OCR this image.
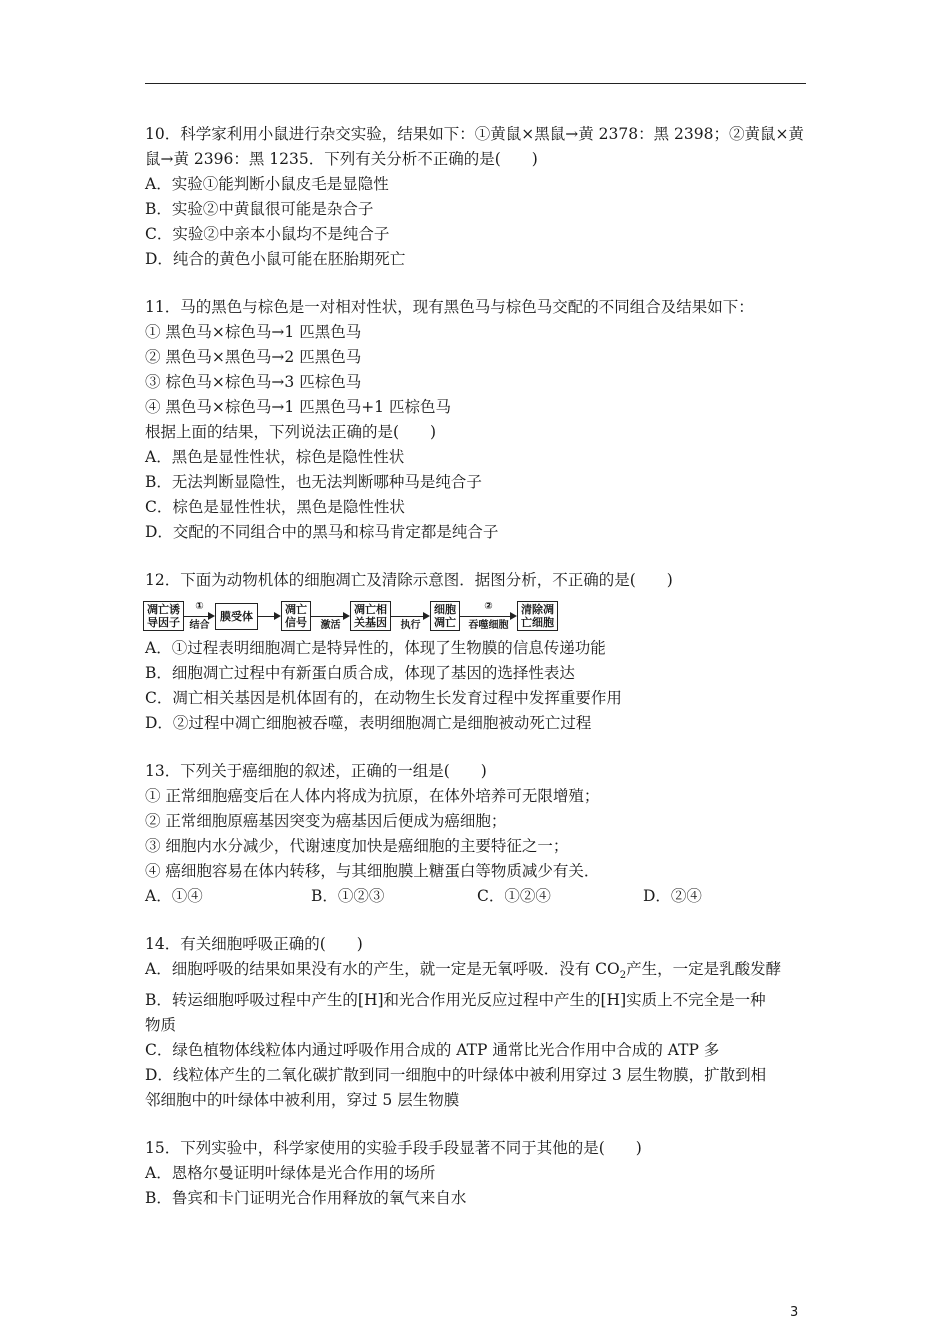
10．科学家利用小鼠进行杂交实验，结果如下：①黄鼠×黑鼠→黄 2378：黑 2398；②黄鼠×黄
鼠→黄 2396：黑 1235．下列有关分析不正确的是(　　)
A．实验①能判断小鼠皮毛是显隐性
B．实验②中黄鼠很可能是杂合子
C．实验②中亲本小鼠均不是纯合子
D．纯合的黄色小鼠可能在胚胎期死亡
11．马的黑色与棕色是一对相对性状，现有黑色马与棕色马交配的不同组合及结果如下：
① 黑色马×棕色马→1 匹黑色马
② 黑色马×黑色马→2 匹黑色马
③ 棕色马×棕色马→3 匹棕色马
④ 黑色马×棕色马→1 匹黑色马+1 匹棕色马
根据上面的结果，下列说法正确的是(　　)
A．黑色是显性性状，棕色是隐性性状
B．无法判断显隐性，也无法判断哪种马是纯合子
C．棕色是显性性状，黑色是隐性性状
D．交配的不同组合中的黑马和棕马肯定都是纯合子
12．下面为动物机体的细胞凋亡及清除示意图．据图分析，不正确的是(　　)
凋亡诱
导因子
①
结合
膜受体	凋亡
信号 激活
凋亡相
关基因 执行
细胞
凋亡
②
吞噬细胞
清除凋
亡细胞
A．①过程表明细胞凋亡是特异性的，体现了生物膜的信息传递功能
B．细胞凋亡过程中有新蛋白质合成，体现了基因的选择性表达
C．凋亡相关基因是机体固有的，在动物生长发育过程中发挥重要作用
D．②过程中凋亡细胞被吞噬，表明细胞凋亡是细胞被动死亡过程
13．下列关于癌细胞的叙述，正确的一组是(　　)
① 正常细胞癌变后在人体内将成为抗原，在体外培养可无限增殖；
② 正常细胞原癌基因突变为癌基因后便成为癌细胞；
③ 细胞内水分减少，代谢速度加快是癌细胞的主要特征之一；
④ 癌细胞容易在体内转移，与其细胞膜上糖蛋白等物质减少有关．
A．①④	B．①②③	C．①②④	D．②④
14．有关细胞呼吸正确的(　　)
A．细胞呼吸的结果如果没有水的产生，就一定是无氧呼吸．没有 $CO_2$产生，一定是乳酸发酵
B．转运细胞呼吸过程中产生的[H]和光合作用光反应过程中产生的[H]实质上不完全是一种
物质
C．绿色植物体线粒体内通过呼吸作用合成的 ATP 通常比光合作用中合成的 ATP 多
D．线粒体产生的二氧化碳扩散到同一细胞中的叶绿体中被利用穿过 3 层生物膜，扩散到相
邻细胞中的叶绿体中被利用，穿过 5 层生物膜
15．下列实验中，科学家使用的实验手段手段显著不同于其他的是(　　)
A．恩格尔曼证明叶绿体是光合作用的场所
B．鲁宾和卡门证明光合作用释放的氧气来自水
3
